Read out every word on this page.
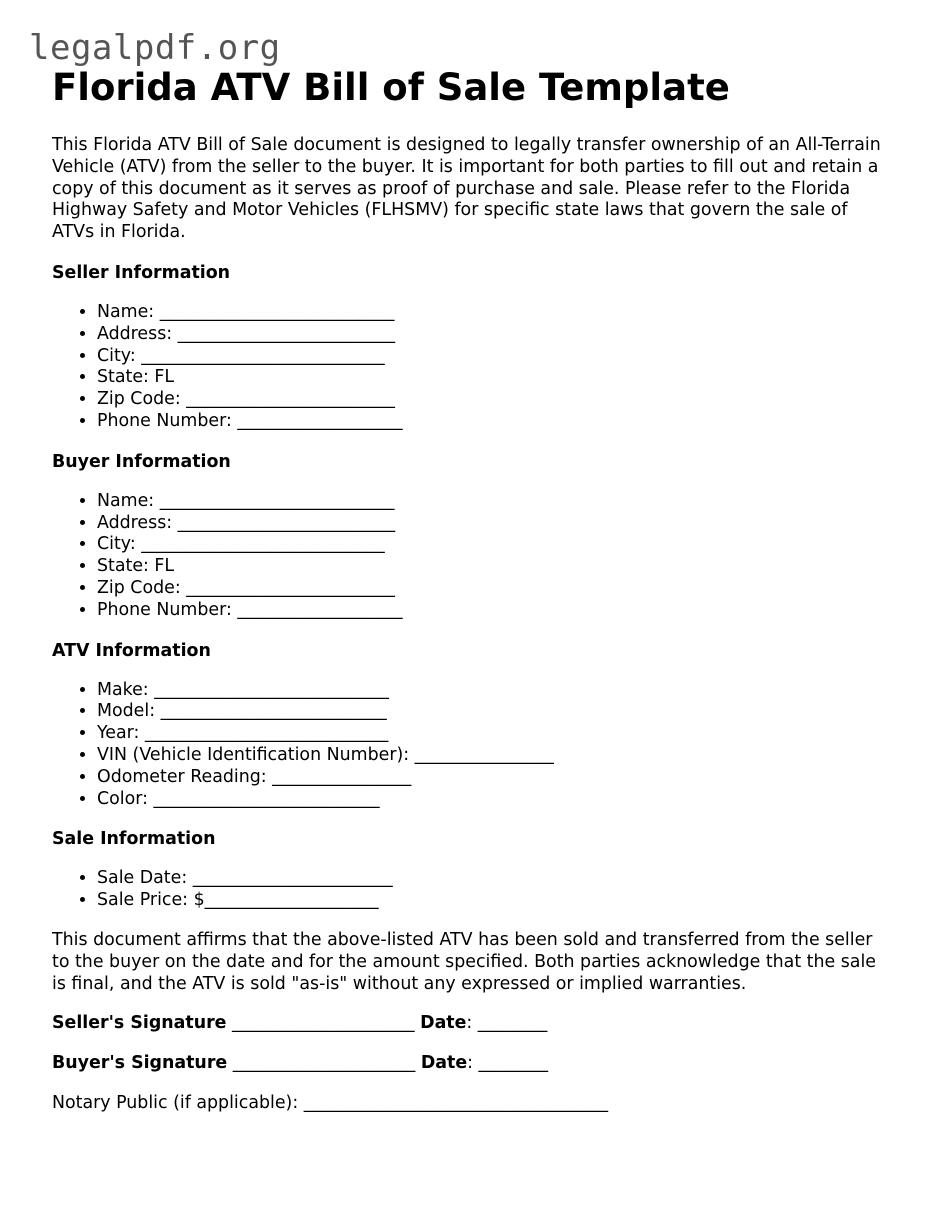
legalpdf.org
Florida ATV Bill of Sale Template

This Florida ATV Bill of Sale document is designed to legally transfer ownership of an All-Terrain Vehicle (ATV) from the seller to the buyer. It is important for both parties to fill out and retain a copy of this document as it serves as proof of purchase and sale. Please refer to the Florida Highway Safety and Motor Vehicles (FLHSMV) for specific state laws that govern the sale of ATVs in Florida.

Seller Information
• Name: ___________________________
• Address: _________________________
• City: ____________________________
• State: FL
• Zip Code: ________________________
• Phone Number: ___________________
Buyer Information
• Name: ___________________________
• Address: _________________________
• City: ____________________________
• State: FL
• Zip Code: ________________________
• Phone Number: ___________________
ATV Information
• Make: ___________________________
• Model: __________________________
• Year: ____________________________
• VIN (Vehicle Identification Number): ________________
• Odometer Reading: ________________
• Color: __________________________
Sale Information
• Sale Date: _______________________
• Sale Price: $____________________

This document affirms that the above-listed ATV has been sold and transferred from the seller to the buyer on the date and for the amount specified. Both parties acknowledge that the sale is final, and the ATV is sold "as-is" without any expressed or implied warranties.

Seller's Signature _____________________ Date: ________

Buyer's Signature _____________________ Date: ________

Notary Public (if applicable): ___________________________________
